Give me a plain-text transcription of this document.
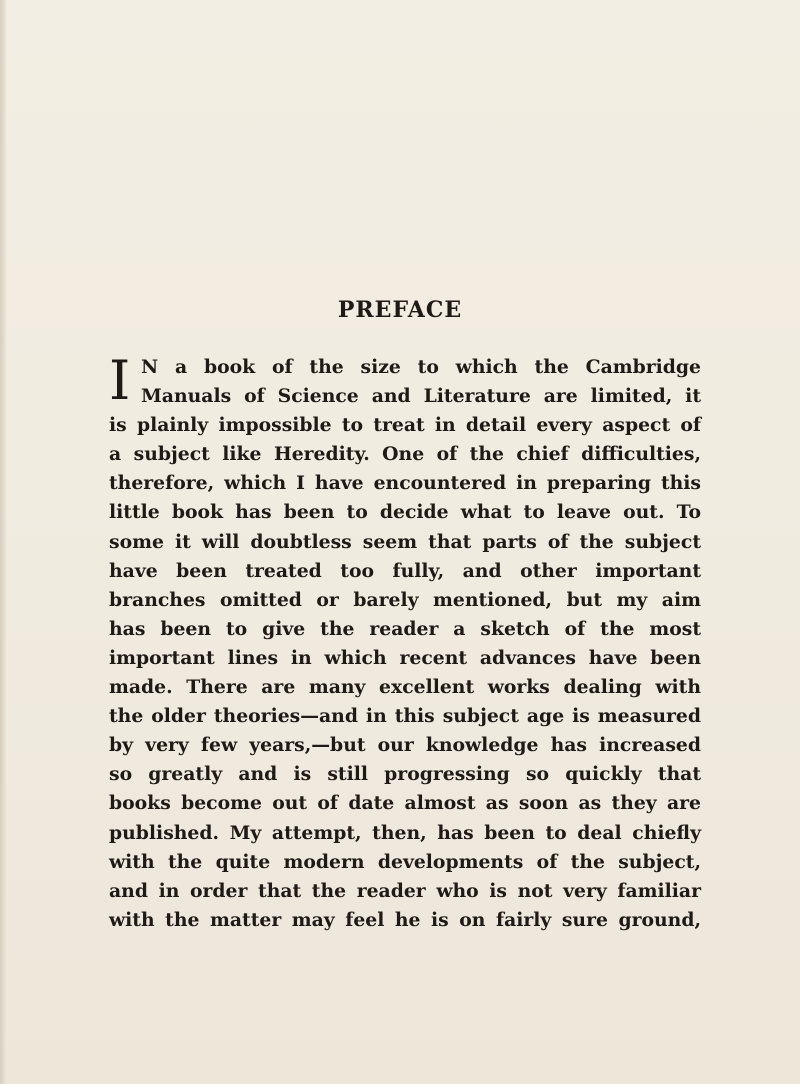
PREFACE
I N a book of the size to which the Cambridge
Manuals of Science and Literature are limited, it
is plainly impossible to treat in detail every aspect of
a subject like Heredity. One of the chief difficulties,
therefore, which I have encountered in preparing this
little book has been to decide what to leave out. To
some it will doubtless seem that parts of the subject
have been treated too fully, and other important
branches omitted or barely mentioned, but my aim
has been to give the reader a sketch of the most
important lines in which recent advances have been
made. There are many excellent works dealing with
the older theories—and in this subject age is measured
by very few years,—but our knowledge has increased
so greatly and is still progressing so quickly that
books become out of date almost as soon as they are
published. My attempt, then, has been to deal chiefly
with the quite modern developments of the subject,
and in order that the reader who is not very familiar
with the matter may feel he is on fairly sure ground,
